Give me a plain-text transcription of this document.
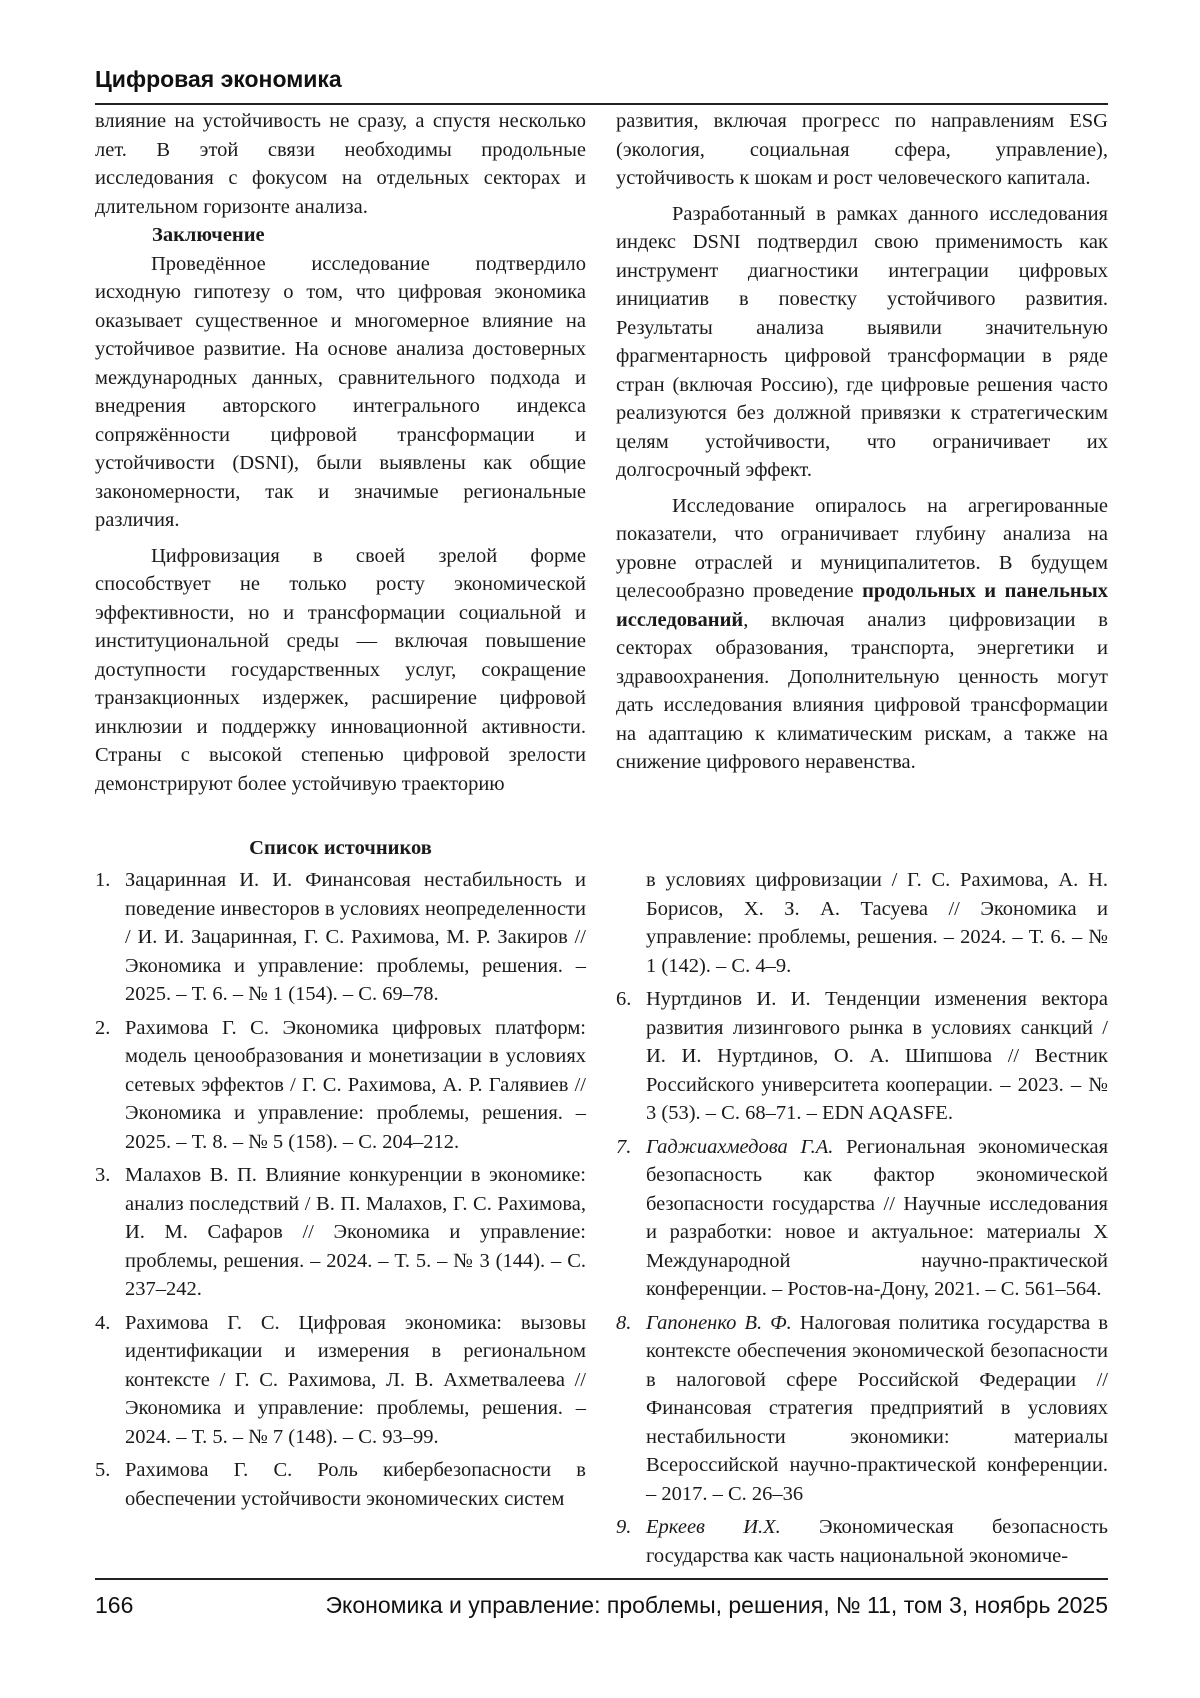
Цифровая экономика

влияние на устойчивость не сразу, а спустя несколько лет. В этой связи необходимы продольные исследования с фокусом на отдельных секторах и длительном горизонте анализа.

Заключение

Проведённое исследование подтвердило исходную гипотезу о том, что цифровая экономика оказывает существенное и многомерное влияние на устойчивое развитие. На основе анализа достоверных международных данных, сравнительного подхода и внедрения авторского интегрального индекса сопряжённости цифровой трансформации и устойчивости (DSNI), были выявлены как общие закономерности, так и значимые региональные различия.

Цифровизация в своей зрелой форме способствует не только росту экономической эффективности, но и трансформации социальной и институциональной среды — включая повышение доступности государственных услуг, сокращение транзакционных издержек, расширение цифровой инклюзии и поддержку инновационной активности. Страны с высокой степенью цифровой зрелости демонстрируют более устойчивую траекторию

развития, включая прогресс по направлениям ESG (экология, социальная сфера, управление), устойчивость к шокам и рост человеческого капитала.

Разработанный в рамках данного исследования индекс DSNI подтвердил свою применимость как инструмент диагностики интеграции цифровых инициатив в повестку устойчивого развития. Результаты анализа выявили значительную фрагментарность цифровой трансформации в ряде стран (включая Россию), где цифровые решения часто реализуются без должной привязки к стратегическим целям устойчивости, что ограничивает их долгосрочный эффект.

Исследование опиралось на агрегированные показатели, что ограничивает глубину анализа на уровне отраслей и муниципалитетов. В будущем целесообразно проведение продольных и панельных исследований, включая анализ цифровизации в секторах образования, транспорта, энергетики и здравоохранения. Дополнительную ценность могут дать исследования влияния цифровой трансформации на адаптацию к климатическим рискам, а также на снижение цифрового неравенства.

Список источников
1. Зацаринная И. И. Финансовая нестабильность и поведение инвесторов в условиях неопределенности / И. И. Зацаринная, Г. С. Рахимова, М. Р. Закиров // Экономика и управление: проблемы, решения. – 2025. – Т. 6. – № 1 (154). – С. 69–78.
2. Рахимова Г. С. Экономика цифровых платформ: модель ценообразования и монетизации в условиях сетевых эффектов / Г. С. Рахимова, А. Р. Галявиев // Экономика и управление: проблемы, решения. – 2025. – Т. 8. – № 5 (158). – С. 204–212.
3. Малахов В. П. Влияние конкуренции в экономике: анализ последствий / В. П. Малахов, Г. С. Рахимова, И. М. Сафаров // Экономика и управление: проблемы, решения. – 2024. – Т. 5. – № 3 (144). – С. 237–242.
4. Рахимова Г. С. Цифровая экономика: вызовы идентификации и измерения в региональном контексте / Г. С. Рахимова, Л. В. Ахметвалеева // Экономика и управление: проблемы, решения. – 2024. – Т. 5. – № 7 (148). – С. 93–99.
5. Рахимова Г. С. Роль кибербезопасности в обеспечении устойчивости экономических систем
в условиях цифровизации / Г. С. Рахимова, А. Н. Борисов, Х. З. А. Тасуева // Экономика и управление: проблемы, решения. – 2024. – Т. 6. – № 1 (142). – С. 4–9.
6. Нуртдинов И. И. Тенденции изменения вектора развития лизингового рынка в условиях санкций / И. И. Нуртдинов, О. А. Шипшова // Вестник Российского университета кооперации. – 2023. – № 3 (53). – С. 68–71. – EDN AQASFE.
7. Гаджиахмедова Г.А. Региональная экономическая безопасность как фактор экономической безопасности государства // Научные исследования и разработки: новое и актуальное: материалы X Международной научно-практической конференции. – Ростов-на-Дону, 2021. – С. 561–564.
8. Гапоненко В. Ф. Налоговая политика государства в контексте обеспечения экономической безопасности в налоговой сфере Российской Федерации // Финансовая стратегия предприятий в условиях нестабильности экономики: материалы Всероссийской научно-практической конференции. – 2017. – С. 26–36
9. Еркеев И.Х. Экономическая безопасность государства как часть национальной экономиче-
166	Экономика и управление: проблемы, решения, № 11, том 3, ноябрь 2025
